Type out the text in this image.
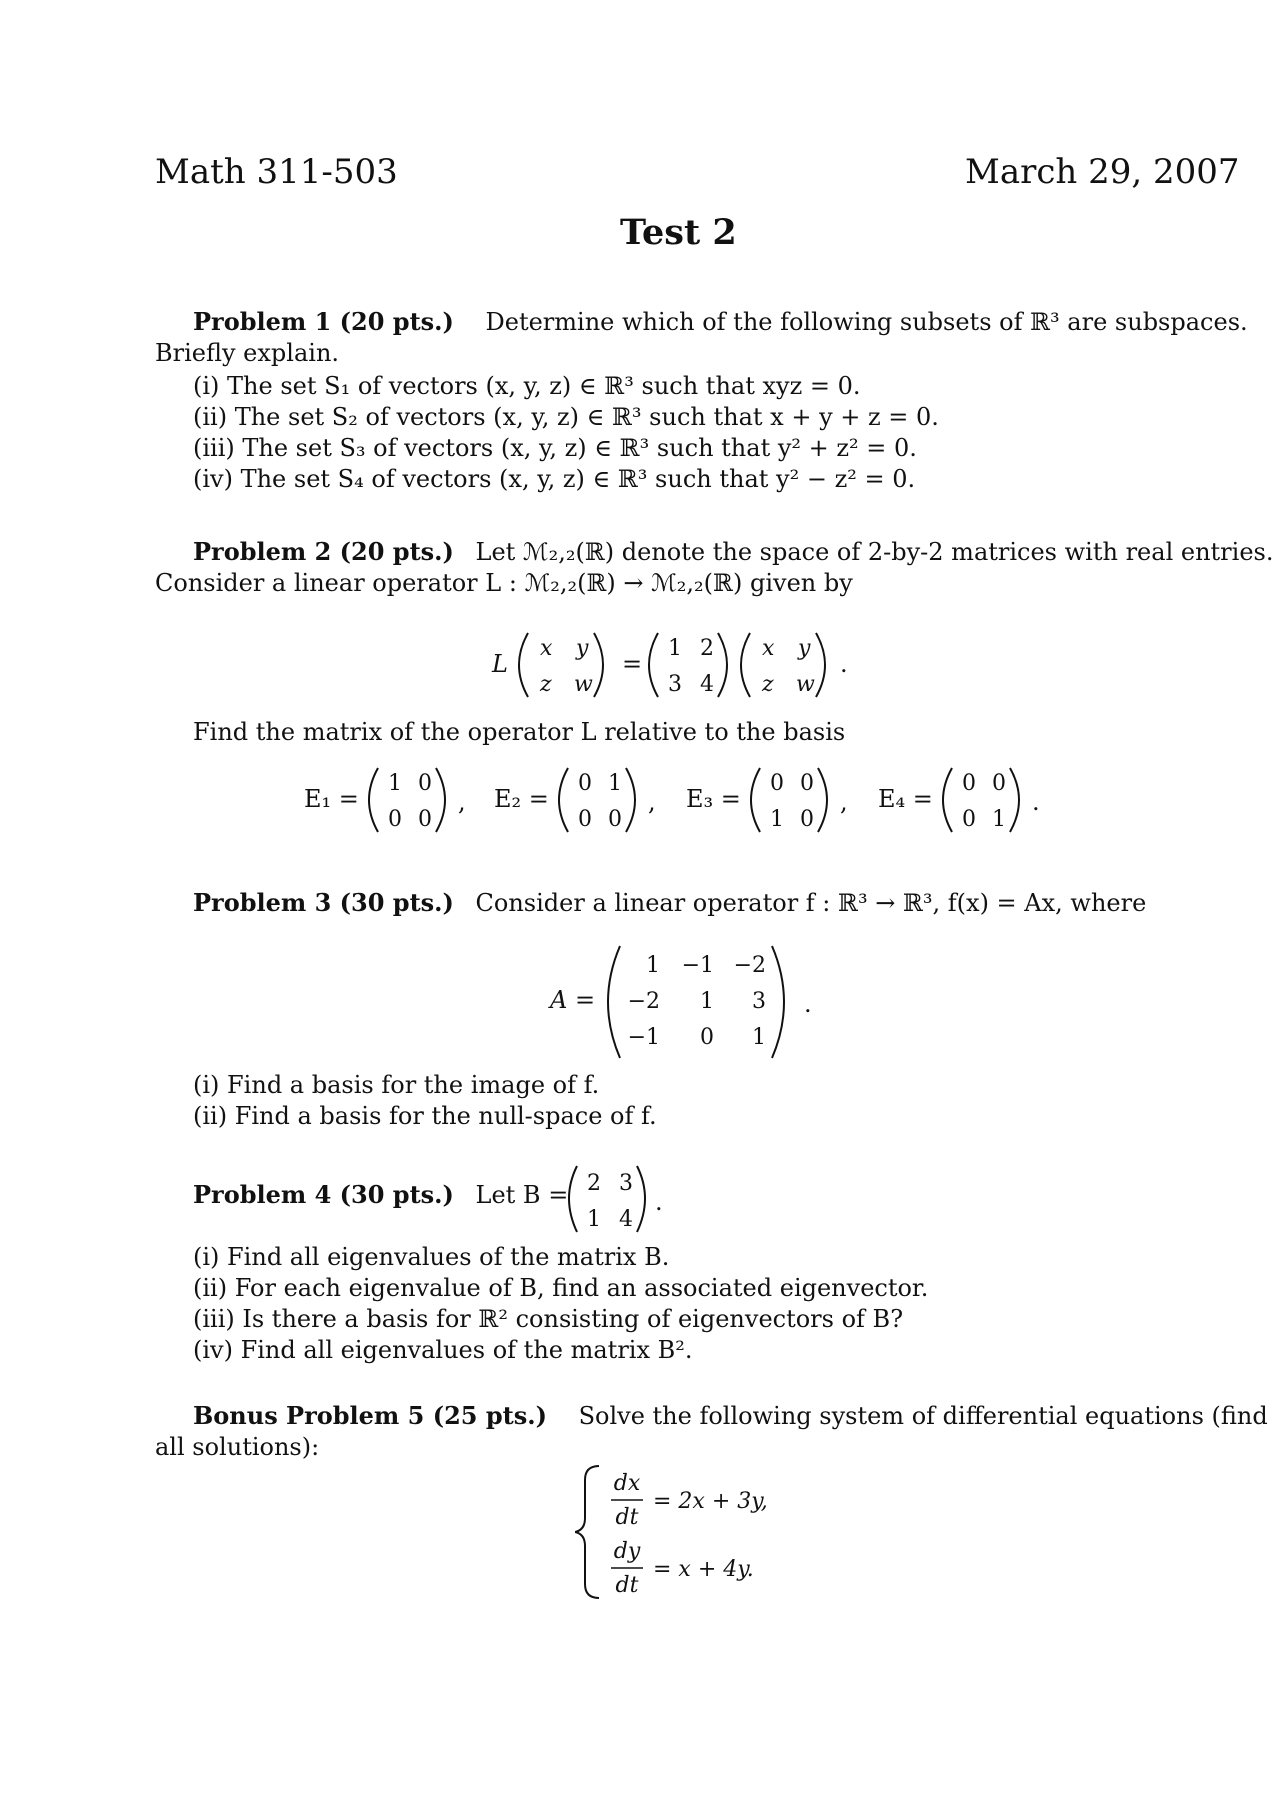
Math 311-503	March 29, 2007
Test 2
Problem 1 (20 pts.) Determine which of the following subsets of ℝ³ are subspaces.
Briefly explain.
(i) The set S₁ of vectors (x, y, z) ∈ ℝ³ such that xyz = 0.
(ii) The set S₂ of vectors (x, y, z) ∈ ℝ³ such that x + y + z = 0.
(iii) The set S₃ of vectors (x, y, z) ∈ ℝ³ such that y² + z² = 0.
(iv) The set S₄ of vectors (x, y, z) ∈ ℝ³ such that y² − z² = 0.
Problem 2 (20 pts.) Let ℳ₂,₂(ℝ) denote the space of 2-by-2 matrices with real entries.
Consider a linear operator L : ℳ₂,₂(ℝ) → ℳ₂,₂(ℝ) given by
L
x y
z w
=
1 2
3 4
x y
z w
.
Find the matrix of the operator L relative to the basis
E₁ =
1 0
0 0
, E₂ =
0 1
0 0
, E₃ =
0 0
1 0
, E₄ =
0 0
0 1
.
Problem 3 (30 pts.) Consider a linear operator f : ℝ³ → ℝ³, f(x) = Ax, where
A =
1 −1 −2
−2 1 3
−1 0 1
.
(i) Find a basis for the image of f.
(ii) Find a basis for the null-space of f.
Problem 4 (30 pts.) Let B = 2 3
1 4
.
(i) Find all eigenvalues of the matrix B.
(ii) For each eigenvalue of B, find an associated eigenvector.
(iii) Is there a basis for ℝ² consisting of eigenvectors of B?
(iv) Find all eigenvalues of the matrix B².
Bonus Problem 5 (25 pts.) Solve the following system of differential equations (find
all solutions):
dx
dt
= 2x + 3y,
dy
dt
= x + 4y.
